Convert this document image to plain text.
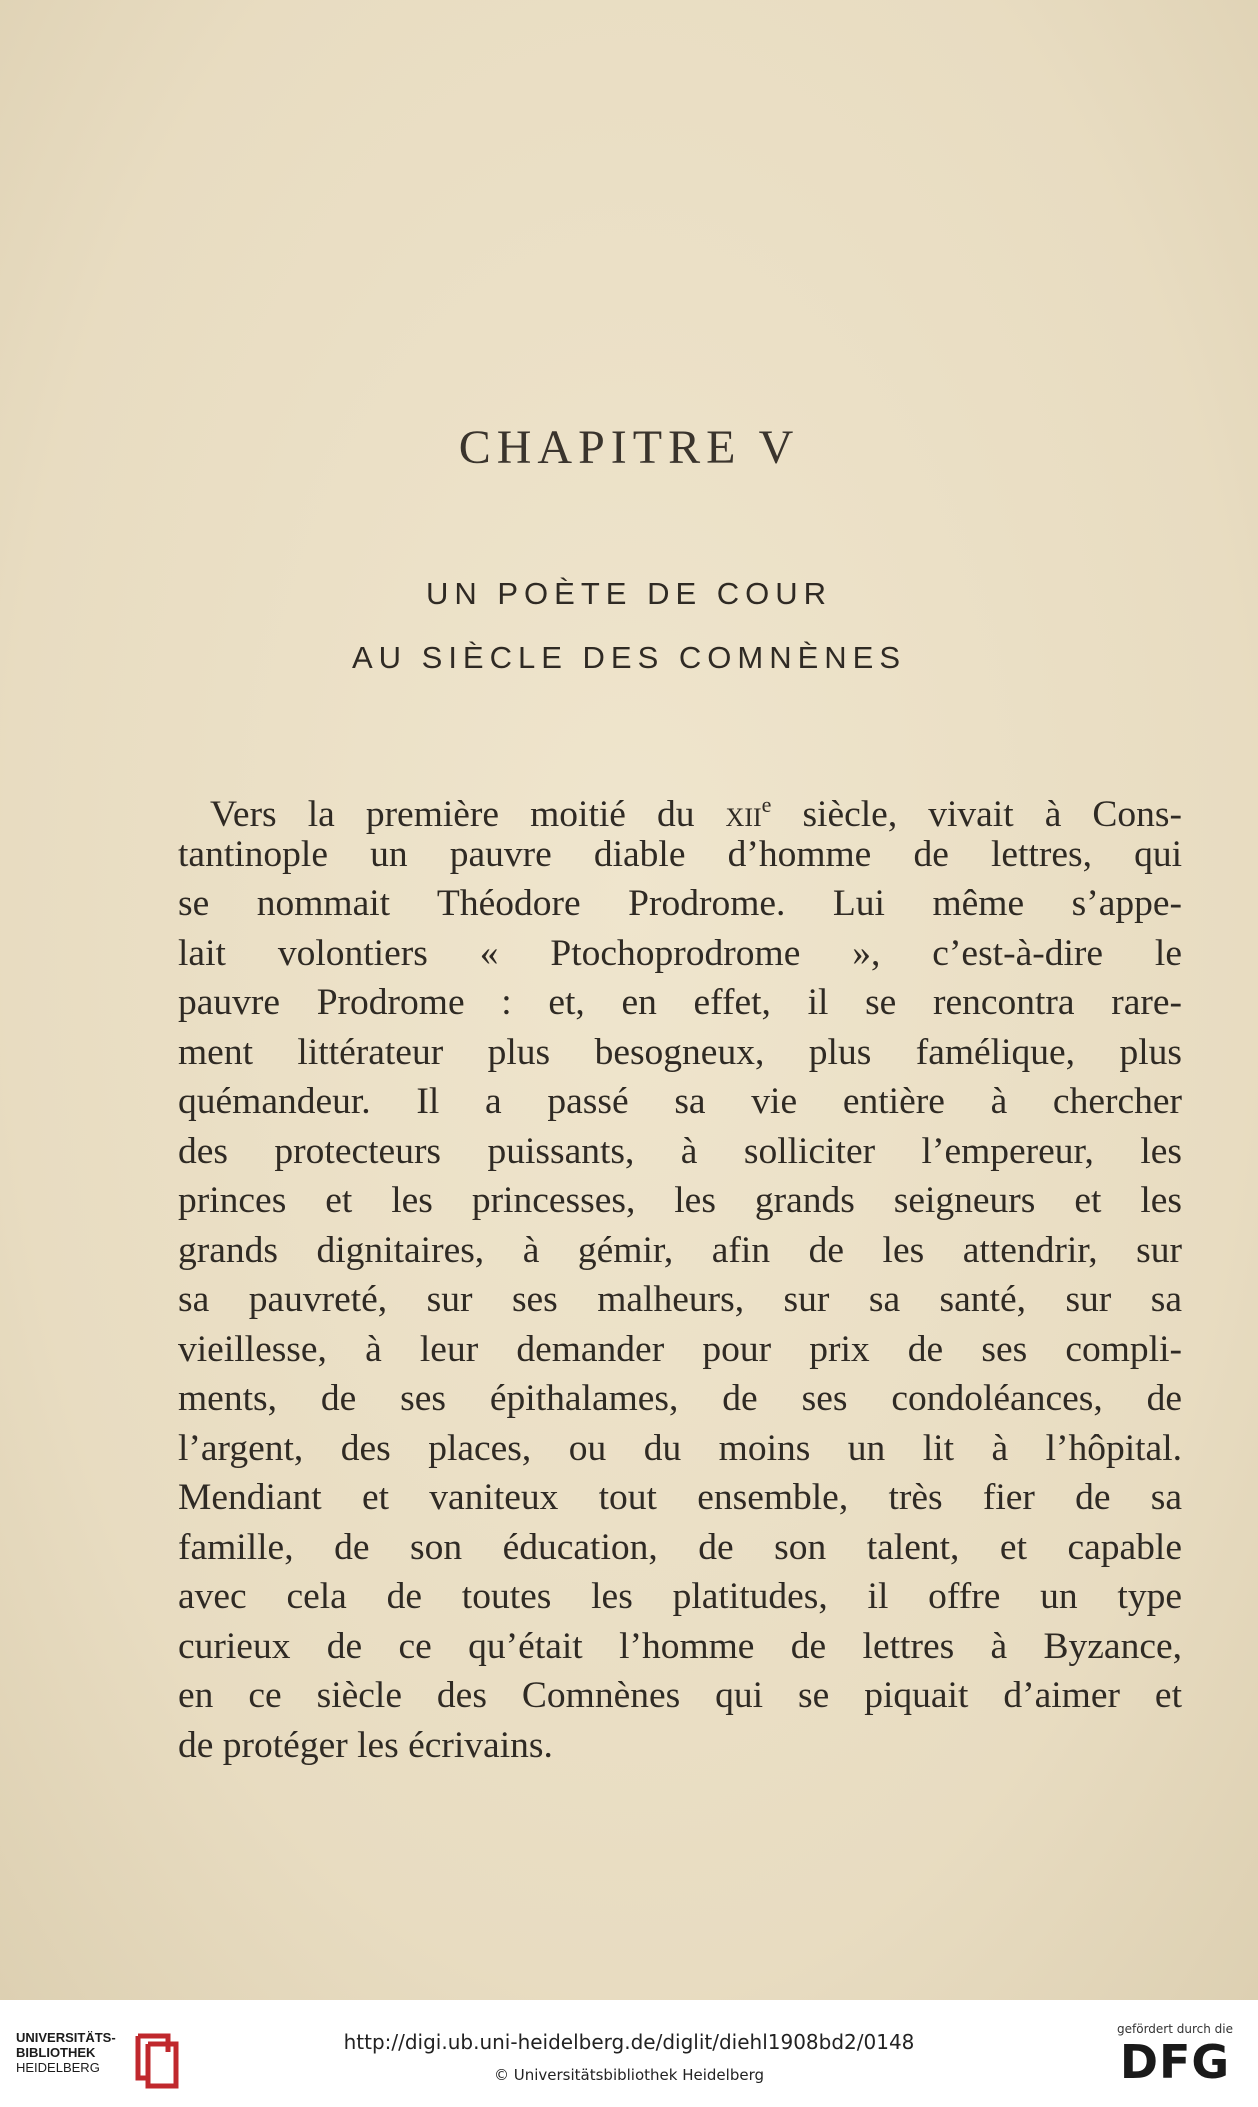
CHAPITRE V
UN POÈTE DE COUR
AU SIÈCLE DES COMNÈNES
Vers la première moitié du xii$^e$ siècle, vivait à Cons-
tantinople un pauvre diable d’homme de lettres, qui
se nommait Théodore Prodrome. Lui même s’appe-
lait volontiers « Ptochoprodrome », c’est-à-dire le
pauvre Prodrome : et, en effet, il se rencontra rare-
ment littérateur plus besogneux, plus famélique, plus
quémandeur. Il a passé sa vie entière à chercher
des protecteurs puissants, à solliciter l’empereur, les
princes et les princesses, les grands seigneurs et les
grands dignitaires, à gémir, afin de les attendrir, sur
sa pauvreté, sur ses malheurs, sur sa santé, sur sa
vieillesse, à leur demander pour prix de ses compli-
ments, de ses épithalames, de ses condoléances, de
l’argent, des places, ou du moins un lit à l’hôpital.
Mendiant et vaniteux tout ensemble, très fier de sa
famille, de son éducation, de son talent, et capable
avec cela de toutes les platitudes, il offre un type
curieux de ce qu’était l’homme de lettres à Byzance,
en ce siècle des Comnènes qui se piquait d’aimer et
de protéger les écrivains.
UNIVERSITÄTS-
BIBLIOTHEK
HEIDELBERG
http://digi.ub.uni-heidelberg.de/diglit/diehl1908bd2/0148
© Universitätsbibliothek Heidelberg
gefördert durch die
DFG
